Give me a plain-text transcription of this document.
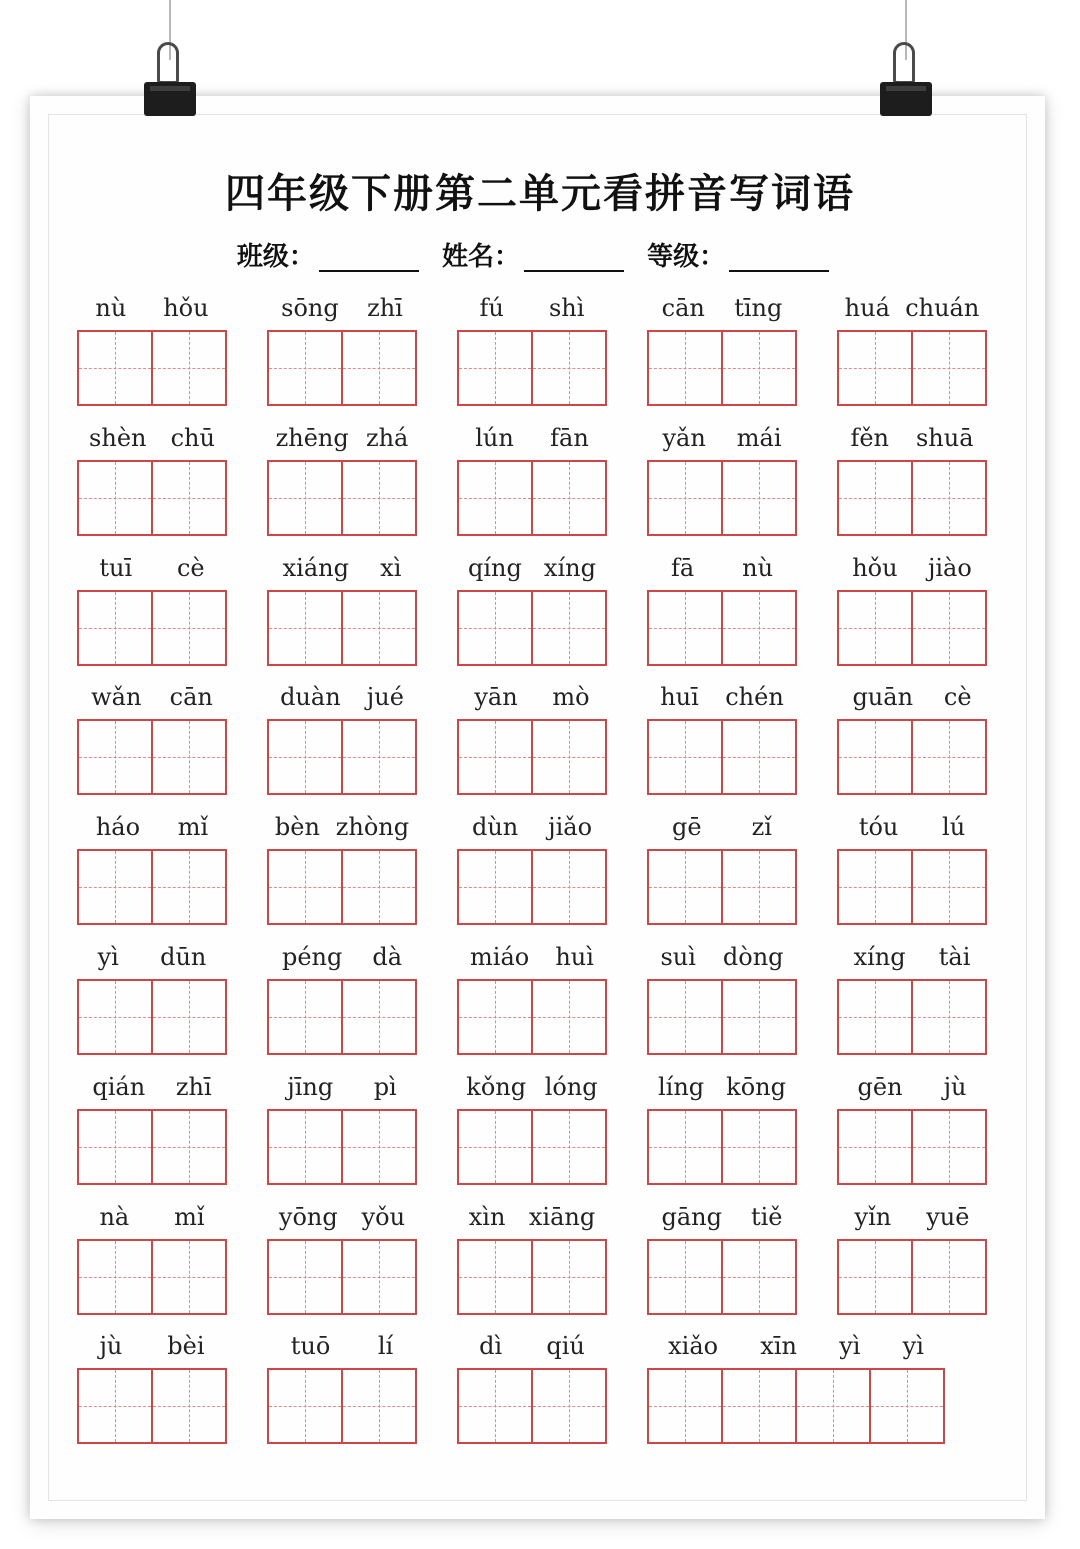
四年级下册第二单元看拼音写词语
班级：	姓名：	等级：
nù hǒu	sōng zhī	fú shì	cān tīng	huá chuán
shèn chū	zhēng zhá	lún fān	yǎn mái	fěn shuā
tuī cè	xiáng xì	qíng xíng	fā nù	hǒu jiào
wǎn cān	duàn jué	yān mò	huī chén	guān cè
háo mǐ	bèn zhòng	dùn jiǎo	gē zǐ	tóu lú
yì dūn	péng dà	miáo huì	suì dòng	xíng tài
qián zhī	jīng pì	kǒng lóng	líng kōng	gēn jù
nà mǐ	yōng yǒu	xìn xiāng	gāng tiě	yǐn yuē
jù bèi	tuō lí	dì qiú	xiǎo xīn yì yì
